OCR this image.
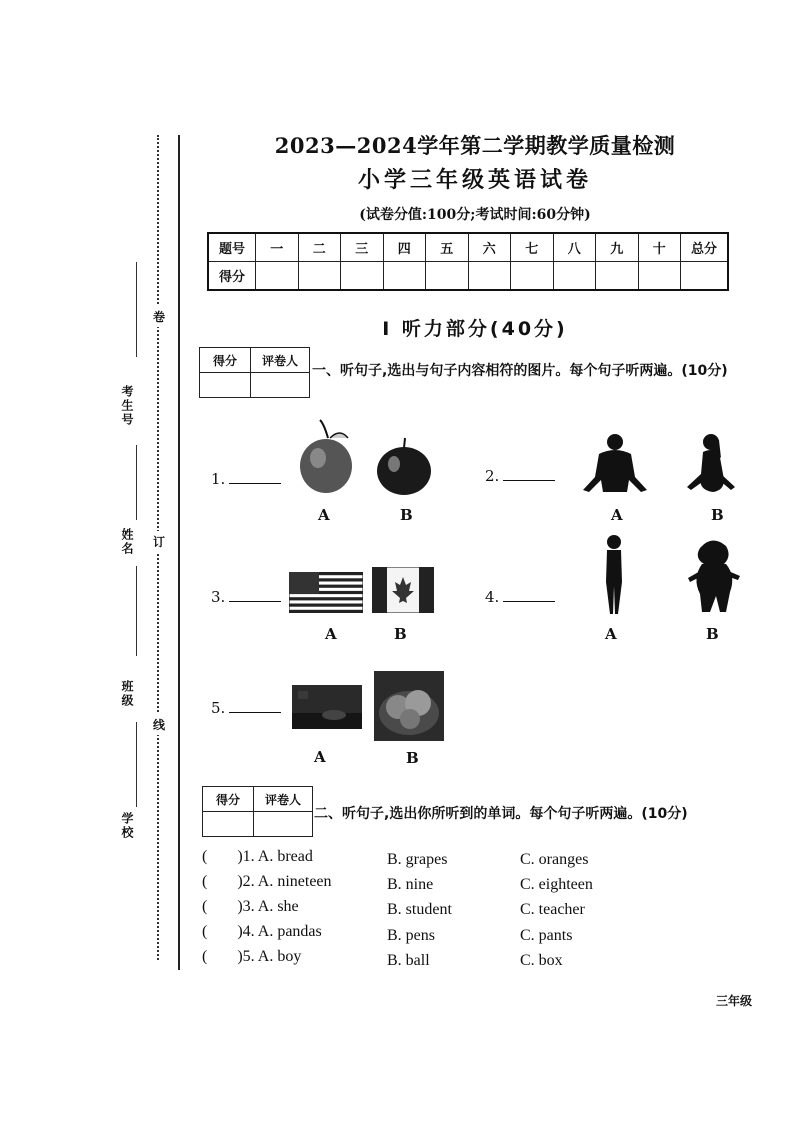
考生号
姓名
班级
学校
卷
订
线
2023—2024学年第二学期教学质量检测
小学三年级英语试卷
(试卷分值:100分;考试时间:60分钟)
题号	一	二	三	四	五	六	七	八	九	十	总分
得分											
Ⅰ 听力部分(40分)
得分	评卷人

一、听句子,选出与句子内容相符的图片。每个句子听两遍。(10分)
1.
A	B
2.
A	B
3.
A	B
4.
A	B
5.
A	B
得分	评卷人

二、听句子,选出你所听到的单词。每个句子听两遍。(10分)
( )1. A. bread	B. grapes	C. oranges
( )2. A. nineteen	B. nine	C. eighteen
( )3. A. she	B. student	C. teacher
( )4. A. pandas	B. pens	C. pants
( )5. A. boy	B. ball	C. box
三年级
